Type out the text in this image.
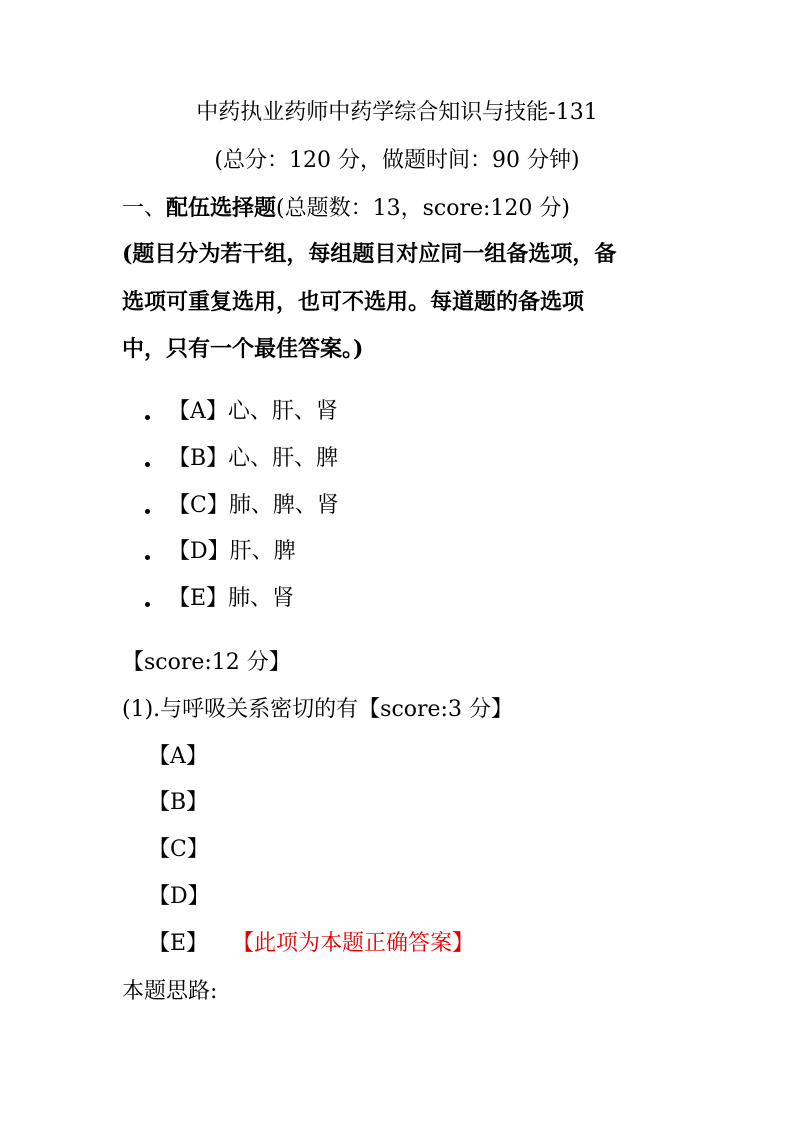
中药执业药师中药学综合知识与技能-131
(总分：120 分，做题时间：90 分钟)
一、配伍选择题(总题数：13，score:120 分)
(题目分为若干组，每组题目对应同一组备选项，备
选项可重复选用，也可不选用。每道题的备选项
中，只有一个最佳答案。)
【A】心、肝、肾
【B】心、肝、脾
【C】肺、脾、肾
【D】肝、脾
【E】肺、肾
【score:12 分】
(1).与呼吸关系密切的有【score:3 分】
【A】
【B】
【C】
【D】
【E】 【此项为本题正确答案】
本题思路:
